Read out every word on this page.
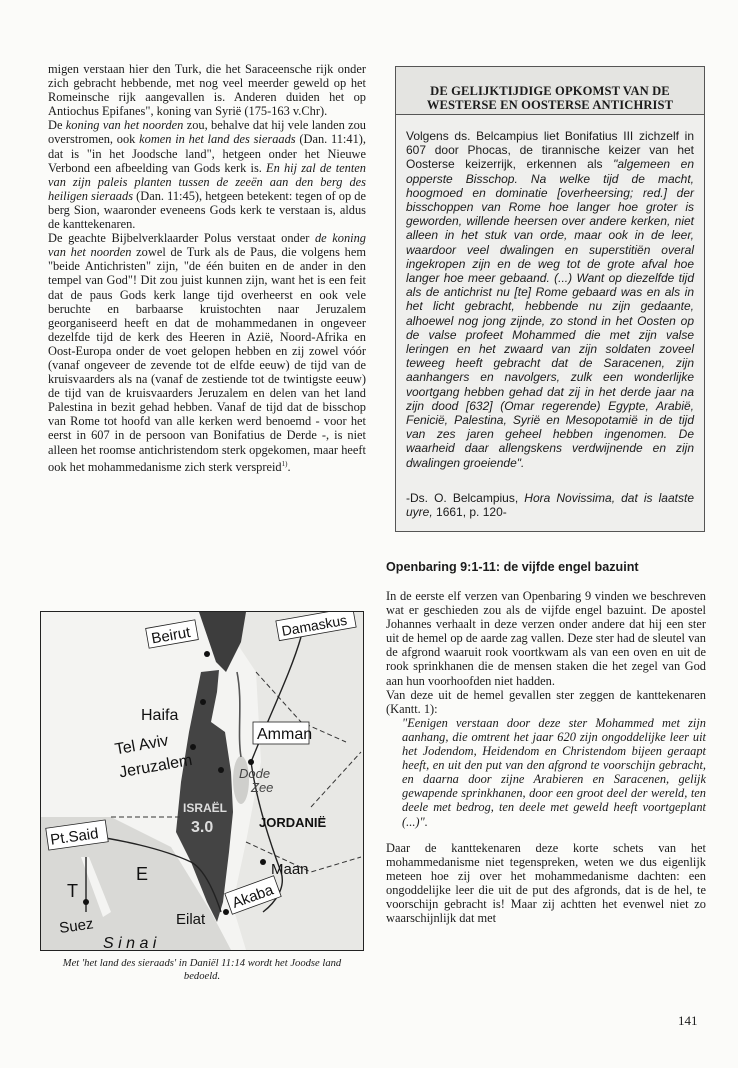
migen verstaan hier den Turk, die het Saraceensche rijk onder zich gebracht hebbende, met nog veel meerder geweld op het Romeinsche rijk aangevallen is. Anderen duiden het op Antiochus Epifanes", koning van Syrië (175-163 v.Chr).

De koning van het noorden zou, behalve dat hij vele landen zou overstromen, ook komen in het land des sieraads (Dan. 11:41), dat is "in het Joodsche land", hetgeen onder het Nieuwe Verbond een afbeelding van Gods kerk is. En hij zal de tenten van zijn paleis planten tussen de zeeën aan den berg des heiligen sieraads (Dan. 11:45), hetgeen betekent: tegen of op de berg Sion, waaronder eveneens Gods kerk te verstaan is, aldus de kanttekenaren.

De geachte Bijbelverklaarder Polus verstaat onder de koning van het noorden zowel de Turk als de Paus, die volgens hem "beide Antichristen" zijn, "de één buiten en de ander in den tempel van God"! Dit zou juist kunnen zijn, want het is een feit dat de paus Gods kerk lange tijd overheerst en ook vele beruchte en barbaarse kruistochten naar Jeruzalem georganiseerd heeft en dat de mohammedanen in ongeveer dezelfde tijd de kerk des Heeren in Azië, Noord-Afrika en Oost-Europa onder de voet gelopen hebben en zij zowel vóór (vanaf ongeveer de zevende tot de elfde eeuw) de tijd van de kruisvaarders als na (vanaf de zestiende tot de twintigste eeuw) de tijd van de kruisvaarders Jeruzalem en delen van het land Palestina in bezit gehad hebben. Vanaf de tijd dat de bisschop van Rome tot hoofd van alle kerken werd benoemd - voor het eerst in 607 in de persoon van Bonifatius de Derde -, is niet alleen het roomse antichristendom sterk opgekomen, maar heeft ook het mohammedanisme zich sterk verspreid$^{1)}$.

Beirut	Damaskus
Haifa
Tel Aviv
Jeruzalem
Amman
Dode
Zee
JORDANIË
ISRAËL
3.0
Pt.Said
Maan
E
T
Suez
Akaba
Eilat
S i n a i
Met 'het land des sieraads' in Daniël 11:14 wordt het Joodse land bedoeld.
DE GELIJKTIJDIGE OPKOMST VAN DE
WESTERSE EN OOSTERSE ANTICHRIST

Volgens ds. Belcampius liet Bonifatius III zichzelf in 607 door Phocas, de tirannische keizer van het Oosterse keizerrijk, erkennen als "algemeen en opperste Bisschop. Na welke tijd de macht, hoogmoed en dominatie [overheersing; red.] der bisschoppen van Rome hoe langer hoe groter is geworden, willende heersen over andere kerken, niet alleen in het stuk van orde, maar ook in de leer, waardoor veel dwalingen en superstitiën overal ingekropen zijn en de weg tot de grote afval hoe langer hoe meer gebaand. (...) Want op diezelfde tijd als de antichrist nu [te] Rome gebaard was en als in het licht gebracht, hebbende nu zijn gedaante, alhoewel nog jong zijnde, zo stond in het Oosten op de valse profeet Mohammed die met zijn valse leringen en het zwaard van zijn soldaten zoveel teweeg heeft gebracht dat de Saracenen, zijn aanhangers en navolgers, zulk een wonderlijke voortgang hebben gehad dat zij in het derde jaar na zijn dood [632] (Omar regerende) Egypte, Arabië, Fenicië, Palestina, Syrië en Mesopotamië in de tijd van zes jaren geheel hebben ingenomen. De waarheid daar allengskens verdwijnende en zijn dwalingen groeiende".

-Ds. O. Belcampius, Hora Novissima, dat is laatste uyre, 1661, p. 120-
Openbaring 9:1-11: de vijfde engel bazuint

In de eerste elf verzen van Openbaring 9 vinden we beschreven wat er geschieden zou als de vijfde engel bazuint. De apostel Johannes verhaalt in deze verzen onder andere dat hij een ster uit de hemel op de aarde zag vallen. Deze ster had de sleutel van de afgrond waaruit rook voortkwam als van een oven en uit de rook sprinkhanen die de mensen staken die het zegel van God aan hun voorhoofden niet hadden.

Van deze uit de hemel gevallen ster zeggen de kanttekenaren (Kantt. 1):

"Eenigen verstaan door deze ster Mohammed met zijn aanhang, die omtrent het jaar 620 zijn ongoddelijke leer uit het Jodendom, Heidendom en Christendom bijeen geraapt heeft, en uit den put van den afgrond te voorschijn gebracht, en daarna door zijne Arabieren en Saracenen, gelijk gewapende sprinkhanen, door een groot deel der wereld, ten deele met bedrog, ten deele met geweld heeft voortgeplant (...)".

Daar de kanttekenaren deze korte schets van het mohammedanisme niet tegenspreken, weten we dus eigenlijk meteen hoe zij over het mohammedanisme dachten: een ongoddelijke leer die uit de put des afgronds, dat is de hel, te voorschijn gebracht is! Maar zij achtten het evenwel niet zo waarschijnlijk dat met

141
